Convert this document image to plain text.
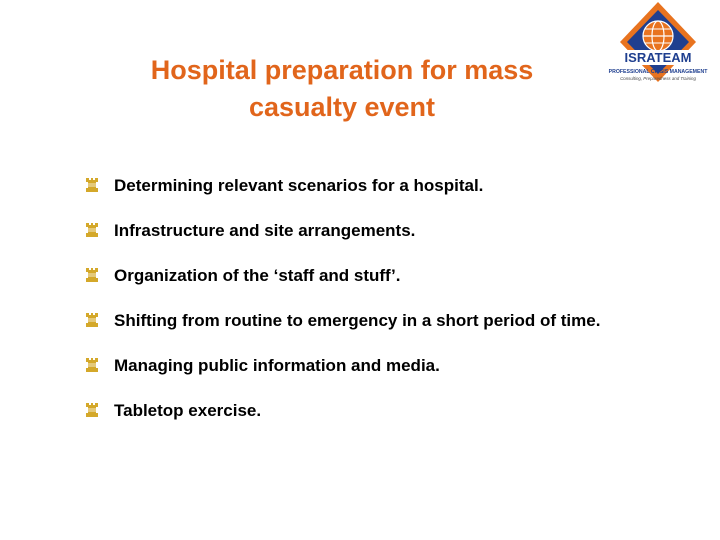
Hospital preparation for mass
casualty event
ISRATEAM
PROFESSIONAL CRISIS MANAGEMENT
Consulting, Preparedness and Training
Determining relevant scenarios for a hospital.
Infrastructure and site arrangements.
Organization of the ‘staff and stuff’.
Shifting from routine to emergency in a short period of time.
Managing public information and media.
Tabletop exercise.
